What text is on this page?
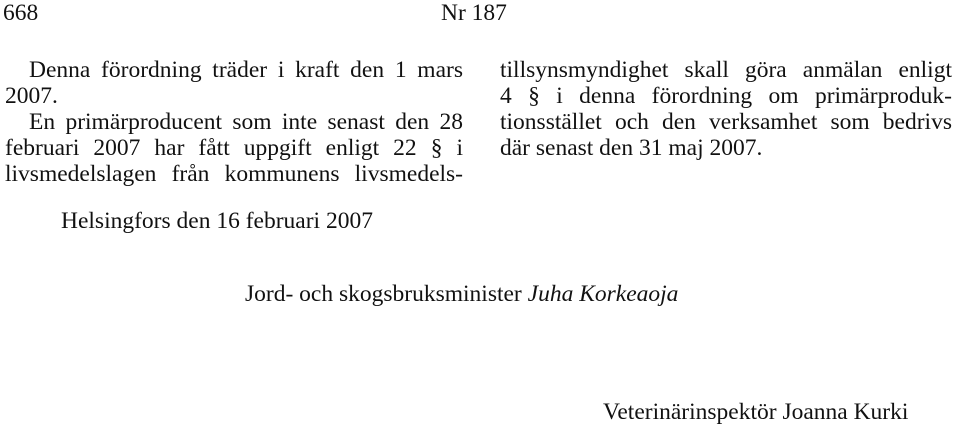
668	Nr 187
Denna förordning träder i kraft den 1 mars
2007.
En primärproducent som inte senast den 28
februari 2007 har fått uppgift enligt 22 § i
livsmedelslagen från kommunens livsmedels-
tillsynsmyndighet skall göra anmälan enligt
4 § i denna förordning om primärproduk-
tionsstället och den verksamhet som bedrivs
där senast den 31 maj 2007.
Helsingfors den 16 februari 2007
Jord- och skogsbruksminister Juha Korkeaoja
Veterinärinspektör Joanna Kurki
